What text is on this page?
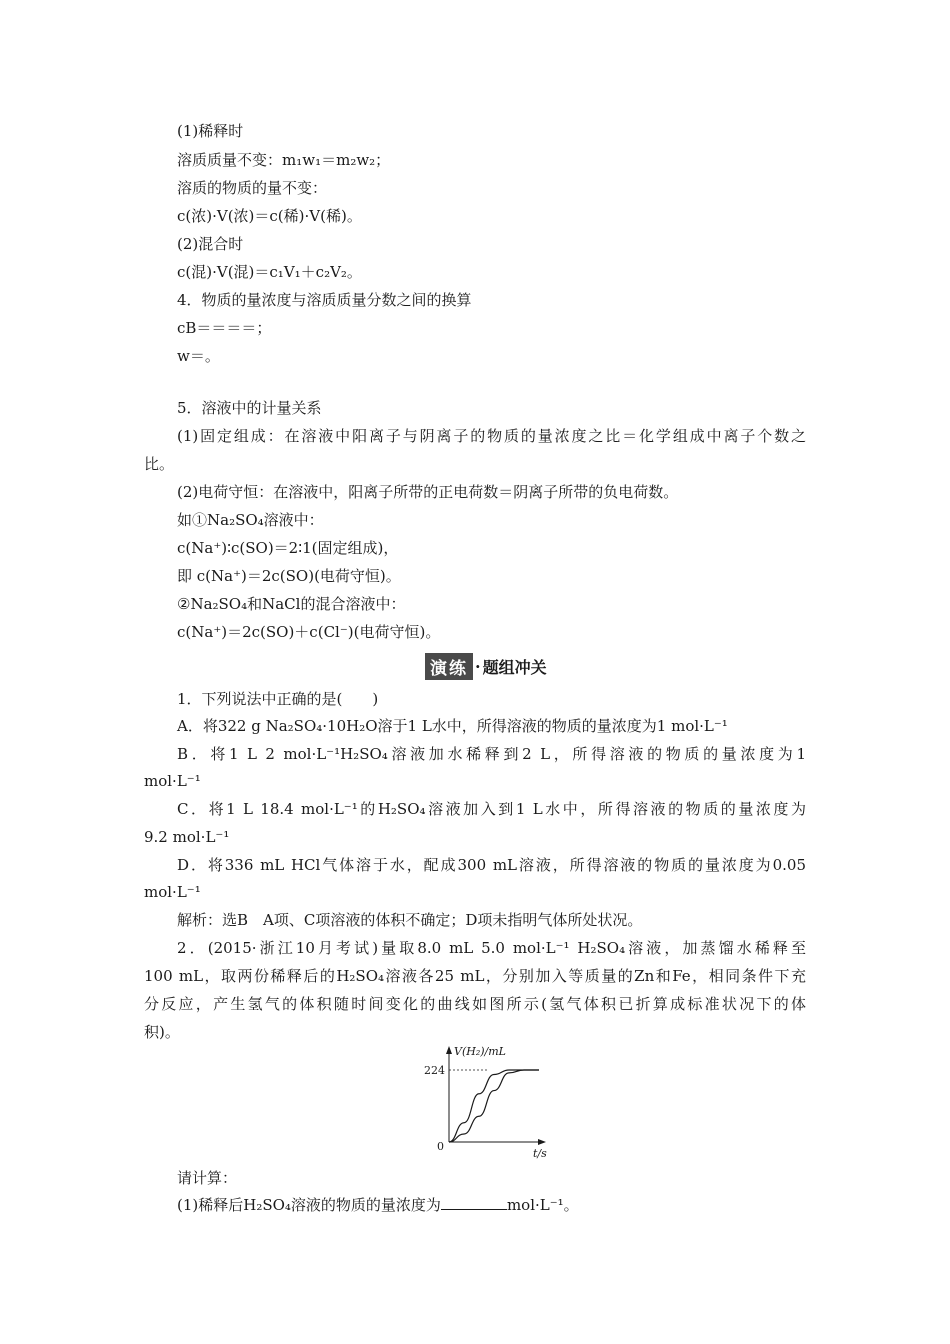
(1)稀释时
溶质质量不变：m₁w₁＝m₂w₂；
溶质的物质的量不变：
c(浓)·V(浓)＝c(稀)·V(稀)。
(2)混合时
c(混)·V(混)＝c₁V₁＋c₂V₂。
4．物质的量浓度与溶质质量分数之间的换算
cB＝＝＝＝；
w＝。
5．溶液中的计量关系
(1)固定组成：在溶液中阳离子与阴离子的物质的量浓度之比＝化学组成中离子个数之
比。
(2)电荷守恒：在溶液中，阳离子所带的正电荷数＝阴离子所带的负电荷数。
如①Na₂SO₄溶液中：
c(Na⁺)∶c(SO)＝2∶1(固定组成)，
即 c(Na⁺)＝2c(SO)(电荷守恒)。
②Na₂SO₄和NaCl的混合溶液中：
c(Na⁺)＝2c(SO)＋c(Cl⁻)(电荷守恒)。
演练 · 题组冲关
1．下列说法中正确的是(　　)
A．将322 g Na₂SO₄·10H₂O溶于1 L水中，所得溶液的物质的量浓度为1 mol·L⁻¹
B．将1 L 2 mol·L⁻¹H₂SO₄溶液加水稀释到2 L，所得溶液的物质的量浓度为1
mol·L⁻¹
C．将1 L 18.4 mol·L⁻¹的H₂SO₄溶液加入到1 L水中，所得溶液的物质的量浓度为
9.2 mol·L⁻¹
D．将336 mL HCl气体溶于水，配成300 mL溶液，所得溶液的物质的量浓度为0.05
mol·L⁻¹
解析：选B　A项、C项溶液的体积不确定；D项未指明气体所处状况。
2．(2015·浙江10月考试)量取8.0 mL 5.0 mol·L⁻¹ H₂SO₄溶液，加蒸馏水稀释至
100 mL，取两份稀释后的H₂SO₄溶液各25 mL，分别加入等质量的Zn和Fe，相同条件下充
分反应，产生氢气的体积随时间变化的曲线如图所示(氢气体积已折算成标准状况下的体
积)。
224
0
V(H₂)/mL
t/s
请计算：
(1)稀释后H₂SO₄溶液的物质的量浓度为	mol·L⁻¹。
